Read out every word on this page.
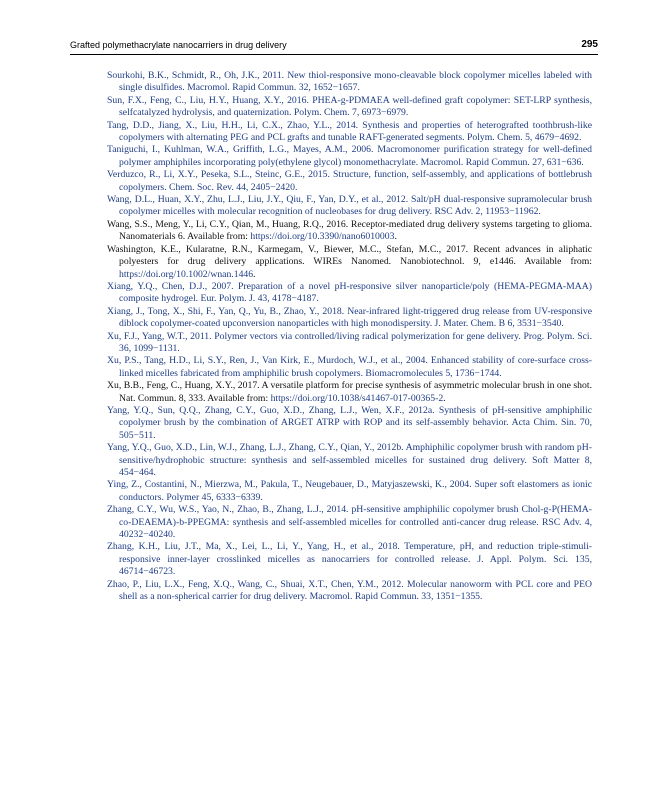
Grafted polymethacrylate nanocarriers in drug delivery	295

Sourkohi, B.K., Schmidt, R., Oh, J.K., 2011. New thiol-responsive mono-cleavable block copolymer micelles labeled with single disulfides. Macromol. Rapid Commun. 32, 1652−1657.

Sun, F.X., Feng, C., Liu, H.Y., Huang, X.Y., 2016. PHEA-g-PDMAEA well-defined graft copolymer: SET-LRP synthesis, selfcatalyzed hydrolysis, and quaternization. Polym. Chem. 7, 6973−6979.

Tang, D.D., Jiang, X., Liu, H.H., Li, C.X., Zhao, Y.L., 2014. Synthesis and properties of heterografted toothbrush-like copolymers with alternating PEG and PCL grafts and tunable RAFT-generated segments. Polym. Chem. 5, 4679−4692.

Taniguchi, I., Kuhlman, W.A., Griffith, L.G., Mayes, A.M., 2006. Macromonomer purification strategy for well-defined polymer amphiphiles incorporating poly(ethylene glycol) monomethacrylate. Macromol. Rapid Commun. 27, 631−636.

Verduzco, R., Li, X.Y., Peseka, S.L., Steinc, G.E., 2015. Structure, function, self-assembly, and applications of bottlebrush copolymers. Chem. Soc. Rev. 44, 2405−2420.

Wang, D.L., Huan, X.Y., Zhu, L.J., Liu, J.Y., Qiu, F., Yan, D.Y., et al., 2012. Salt/pH dual-responsive supramolecular brush copolymer micelles with molecular recognition of nucleobases for drug delivery. RSC Adv. 2, 11953−11962.

Wang, S.S., Meng, Y., Li, C.Y., Qian, M., Huang, R.Q., 2016. Receptor-mediated drug delivery systems targeting to glioma. Nanomaterials 6. Available from: https://doi.org/10.3390/nano6010003.

Washington, K.E., Kularatne, R.N., Karmegam, V., Biewer, M.C., Stefan, M.C., 2017. Recent advances in aliphatic polyesters for drug delivery applications. WIREs Nanomed. Nanobiotechnol. 9, e1446. Available from: https://doi.org/10.1002/wnan.1446.

Xiang, Y.Q., Chen, D.J., 2007. Preparation of a novel pH-responsive silver nanoparticle/poly (HEMA-PEGMA-MAA) composite hydrogel. Eur. Polym. J. 43, 4178−4187.

Xiang, J., Tong, X., Shi, F., Yan, Q., Yu, B., Zhao, Y., 2018. Near-infrared light-triggered drug release from UV-responsive diblock copolymer-coated upconversion nanoparticles with high monodispersity. J. Mater. Chem. B 6, 3531−3540.

Xu, F.J., Yang, W.T., 2011. Polymer vectors via controlled/living radical polymerization for gene delivery. Prog. Polym. Sci. 36, 1099−1131.

Xu, P.S., Tang, H.D., Li, S.Y., Ren, J., Van Kirk, E., Murdoch, W.J., et al., 2004. Enhanced stability of core-surface cross-linked micelles fabricated from amphiphilic brush copolymers. Biomacromolecules 5, 1736−1744.

Xu, B.B., Feng, C., Huang, X.Y., 2017. A versatile platform for precise synthesis of asymmetric molecular brush in one shot. Nat. Commun. 8, 333. Available from: https://doi.org/10.1038/s41467-017-00365-2.

Yang, Y.Q., Sun, Q.Q., Zhang, C.Y., Guo, X.D., Zhang, L.J., Wen, X.F., 2012a. Synthesis of pH-sensitive amphiphilic copolymer brush by the combination of ARGET ATRP with ROP and its self-assembly behavior. Acta Chim. Sin. 70, 505−511.

Yang, Y.Q., Guo, X.D., Lin, W.J., Zhang, L.J., Zhang, C.Y., Qian, Y., 2012b. Amphiphilic copolymer brush with random pH-sensitive/hydrophobic structure: synthesis and self-assembled micelles for sustained drug delivery. Soft Matter 8, 454−464.

Ying, Z., Costantini, N., Mierzwa, M., Pakula, T., Neugebauer, D., Matyjaszewski, K., 2004. Super soft elastomers as ionic conductors. Polymer 45, 6333−6339.

Zhang, C.Y., Wu, W.S., Yao, N., Zhao, B., Zhang, L.J., 2014. pH-sensitive amphiphilic copolymer brush Chol-g-P(HEMA-co-DEAEMA)-b-PPEGMA: synthesis and self-assembled micelles for controlled anti-cancer drug release. RSC Adv. 4, 40232−40240.

Zhang, K.H., Liu, J.T., Ma, X., Lei, L., Li, Y., Yang, H., et al., 2018. Temperature, pH, and reduction triple-stimuli-responsive inner-layer crosslinked micelles as nanocarriers for controlled release. J. Appl. Polym. Sci. 135, 46714−46723.

Zhao, P., Liu, L.X., Feng, X.Q., Wang, C., Shuai, X.T., Chen, Y.M., 2012. Molecular nanoworm with PCL core and PEO shell as a non-spherical carrier for drug delivery. Macromol. Rapid Commun. 33, 1351−1355.
